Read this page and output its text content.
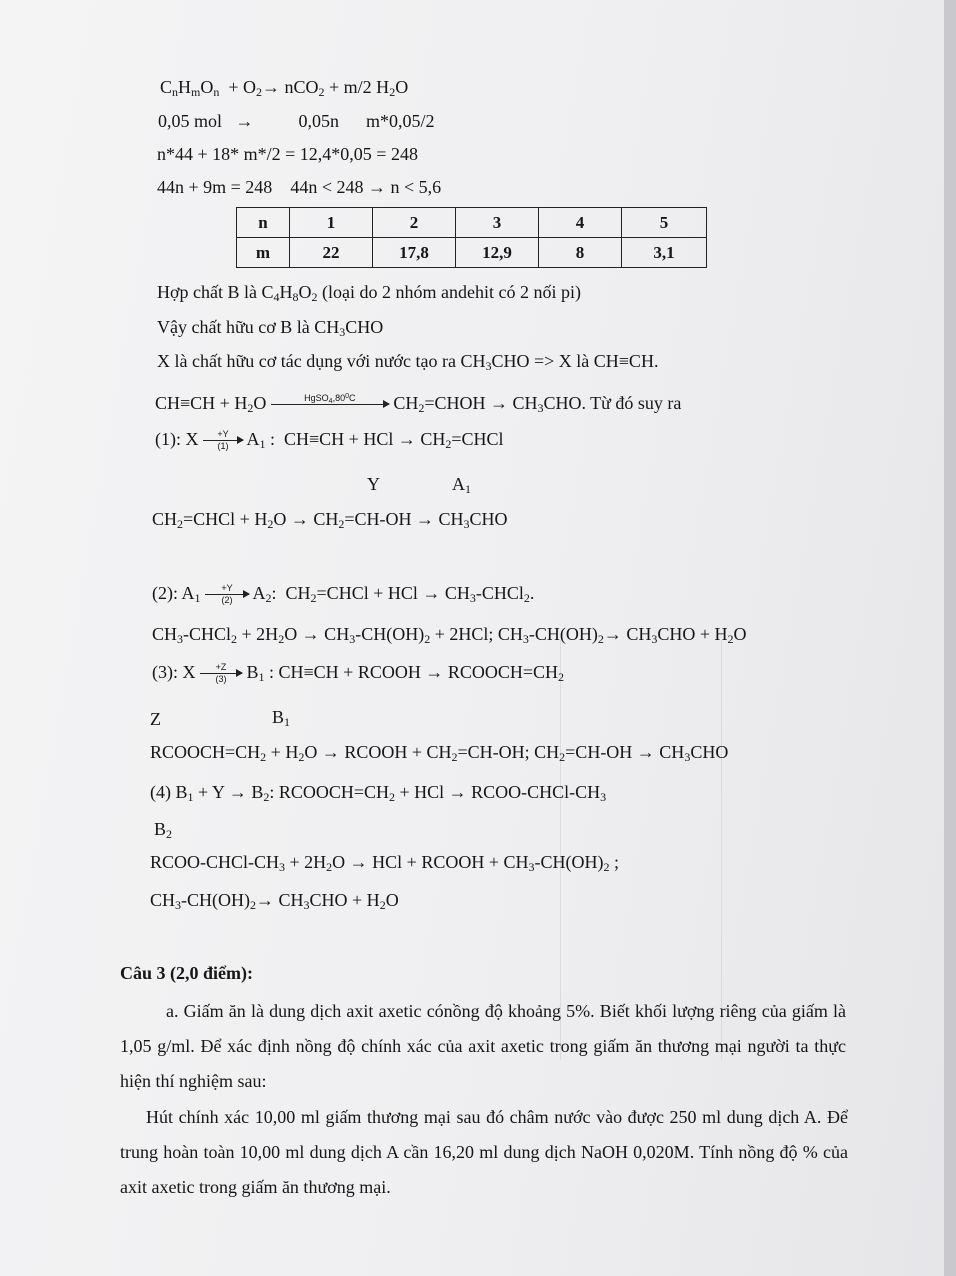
$C_nH_mO_n + O_2\to nCO_2 + m/2$ $H_2O$
0,05 mol   →          0,05n m*0,05/2
n*44 + 18* m*/2 = 12,4*0,05 = 248
44n + 9m = 248 44n < 248 → n < 5,6
n	1	2	3	4	5
m	22	17,8	12,9	8	3,1
Hợp chất B là $C_4H_8O_2$ (loại do 2 nhóm andehit có 2 nối pi)
Vậy chất hữu cơ B là $CH_3CHO$
X là chất hữu cơ tác dụng với nước tạo ra $CH_3CHO => X$ là CH≡CH.
$CH\equiv CH + H_2O$	$HgSO_4,80^0C$
	$CH_2=CHOH \to CH_3CHO$. Từ đó suy ra
(1): X $\frac{+Y}{(1)} A_1$ :  CH≡CH + HCl → $CH_2=CHCl$
Y	$A_1$
$CH_2=CHCl + H_2O \to CH_2=CH-OH \to CH_3CHO$
(2): $A_1 \frac{+Y}{(2)} A_2$:  $CH_2=CHCl$ + HCl → $CH_3-CHCl_2$.
$CH_3-CHCl_2 + 2H_2O \to CH_3-CH(OH)_2 + 2HCl$; $CH_3-CH(OH)_2\to CH_3CHO + H_2O$
(3): X $\frac{+Z}{(3)} B_1$ : CH≡CH + RCOOH → $RCOOCH=CH_2$
Z	$B_1$
$RCOOCH=CH_2 + H_2O$ → RCOOH + $CH_2=CH-OH$; $CH_2=CH-OH \to CH_3CHO$
(4) $B_1 + Y \to B_2$: $RCOOCH=CH_2$ + HCl → RCOO-$CHCl-CH_3$
$B_2$
RCOO-$CHCl-CH_3 + 2H_2O$ → HCl + RCOOH + $CH_3-CH(OH)_2$ ;
$CH_3-CH(OH)_2\to CH_3CHO + H_2O$
Câu 3 (2,0 điểm):
a. Giấm ăn là dung dịch axit axetic cónồng độ khoảng 5%. Biết khối lượng riêng của giấm là 1,05 g/ml. Để xác định nồng độ chính xác của axit axetic trong giấm ăn thương mại người ta thực hiện thí nghiệm sau:
Hút chính xác 10,00 ml giấm thương mại sau đó châm nước vào được 250 ml dung dịch A. Để trung hoàn toàn 10,00 ml dung dịch A cần 16,20 ml dung dịch NaOH 0,020M. Tính nồng độ % của axit axetic trong giấm ăn thương mại.
